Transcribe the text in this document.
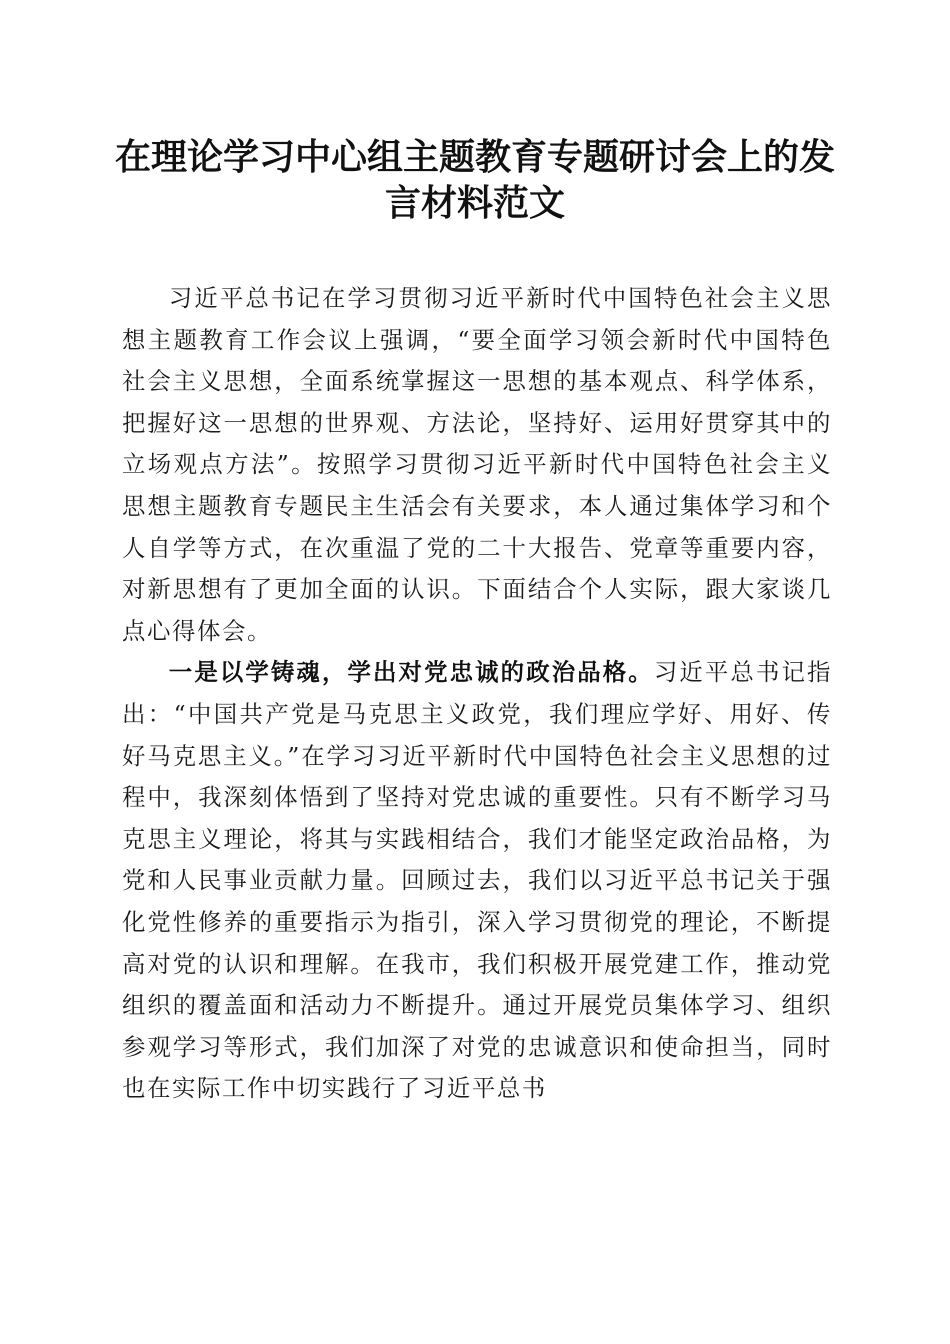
在理论学习中心组主题教育专题研讨会上的发言材料范文

习近平总书记在学习贯彻习近平新时代中国特色社会主义思想主题教育工作会议上强调，“要全面学习领会新时代中国特色社会主义思想，全面系统掌握这一思想的基本观点、科学体系，把握好这一思想的世界观、方法论，坚持好、运用好贯穿其中的立场观点方法”。按照学习贯彻习近平新时代中国特色社会主义思想主题教育专题民主生活会有关要求，本人通过集体学习和个人自学等方式，在次重温了党的二十大报告、党章等重要内容，对新思想有了更加全面的认识。下面结合个人实际，跟大家谈几点心得体会。

一是以学铸魂，学出对党忠诚的政治品格。习近平总书记指出：“中国共产党是马克思主义政党，我们理应学好、用好、传好马克思主义。”在学习习近平新时代中国特色社会主义思想的过程中，我深刻体悟到了坚持对党忠诚的重要性。只有不断学习马克思主义理论，将其与实践相结合，我们才能坚定政治品格，为党和人民事业贡献力量。回顾过去，我们以习近平总书记关于强化党性修养的重要指示为指引，深入学习贯彻党的理论，不断提高对党的认识和理解。在我市，我们积极开展党建工作，推动党组织的覆盖面和活动力不断提升。通过开展党员集体学习、组织参观学习等形式，我们加深了对党的忠诚意识和使命担当，同时也在实际工作中切实践行了习近平总书
